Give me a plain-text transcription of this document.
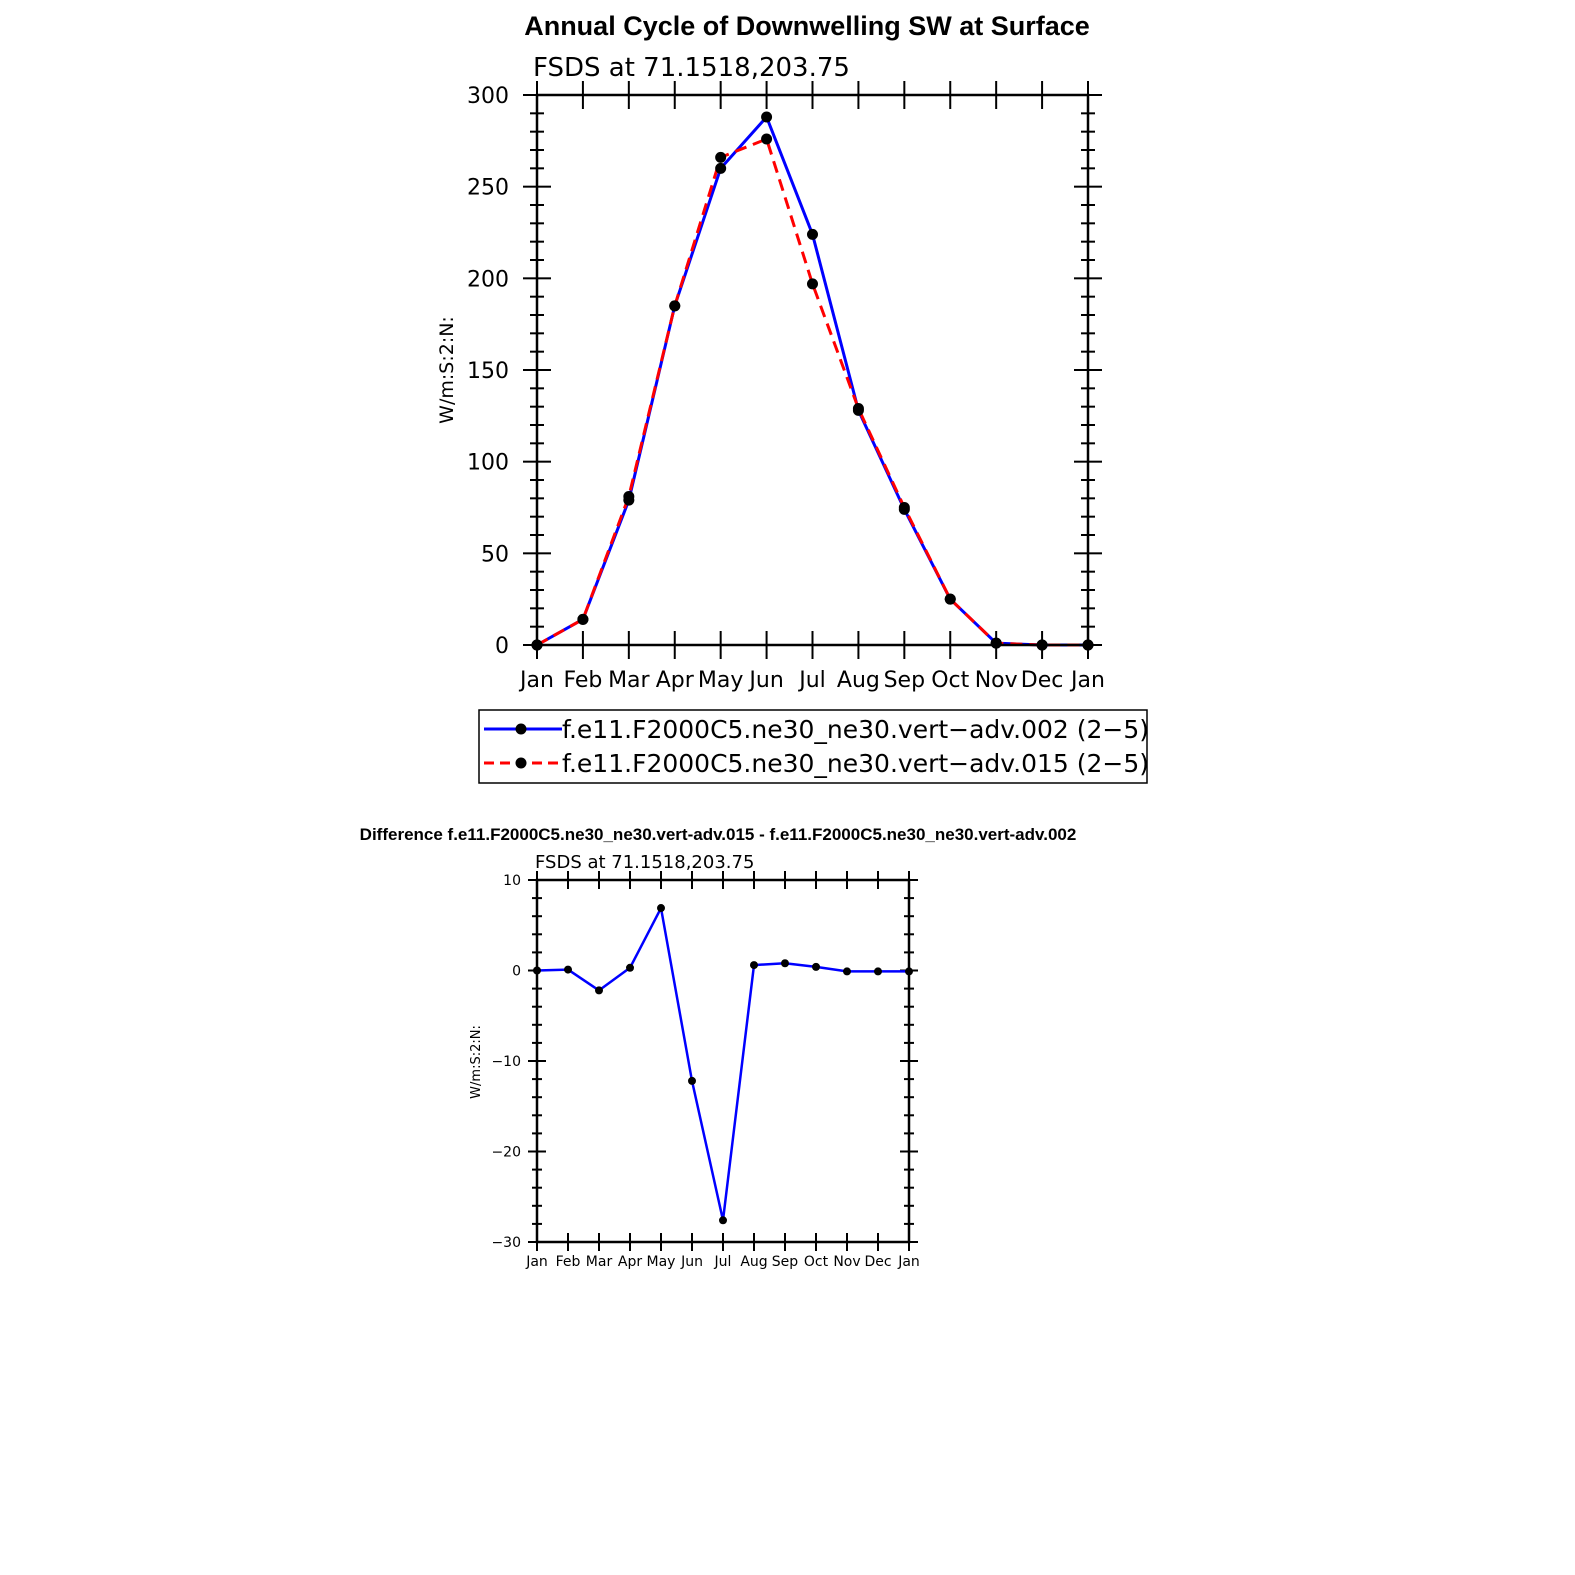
Annual Cycle of Downwelling SW at Surface
FSDS at 71.1518,203.75
W/m:S:2:N:
Jan Feb Mar Apr May Jun Jul Aug Sep Oct Nov Dec Jan
0
50
100
150
200
250
300
f.e11.F2000C5.ne30_ne30.vert−adv.002 (2−5)
f.e11.F2000C5.ne30_ne30.vert−adv.015 (2−5)
Difference f.e11.F2000C5.ne30_ne30.vert-adv.015 - f.e11.F2000C5.ne30_ne30.vert-adv.002
FSDS at 71.1518,203.75
W/m:S:2:N:
Jan Feb Mar Apr May Jun Jul Aug Sep Oct Nov Dec Jan
−30
−20
−10
0
10
